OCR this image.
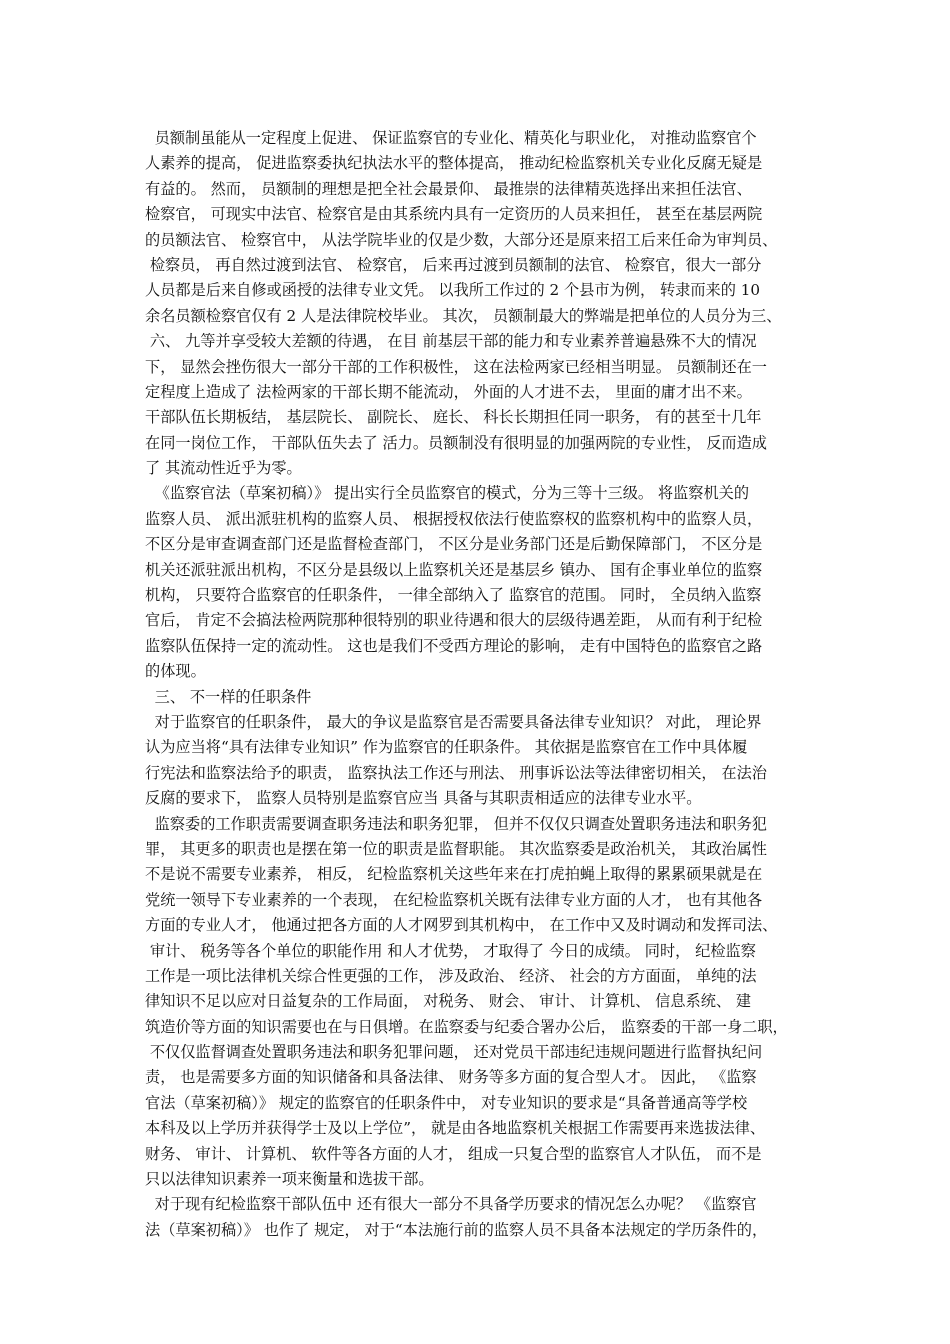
员额制虽能从一定程度上促进、 保证监察官的专业化、精英化与职业化， 对推动监察官个
人素养的提高， 促进监察委执纪执法水平的整体提高， 推动纪检监察机关专业化反腐无疑是
有益的。 然而， 员额制的理想是把全社会最景仰、 最推崇的法律精英选择出来担任法官、
检察官， 可现实中法官、检察官是由其系统内具有一定资历的人员来担任， 甚至在基层两院
的员额法官、 检察官中， 从法学院毕业的仅是少数，大部分还是原来招工后来任命为审判员、
检察员， 再自然过渡到法官、 检察官， 后来再过渡到员额制的法官、 检察官，很大一部分
人员都是后来自修或函授的法律专业文凭。 以我所工作过的 2 个县市为例， 转隶而来的 10
余名员额检察官仅有 2 人是法律院校毕业。 其次， 员额制最大的弊端是把单位的人员分为三、
六、 九等并享受较大差额的待遇， 在目 前基层干部的能力和专业素养普遍悬殊不大的情况
下， 显然会挫伤很大一部分干部的工作积极性， 这在法检两家已经相当明显。 员额制还在一
定程度上造成了 法检两家的干部长期不能流动， 外面的人才进不去， 里面的庸才出不来。
干部队伍长期板结， 基层院长、 副院长、 庭长、 科长长期担任同一职务， 有的甚至十几年
在同一岗位工作， 干部队伍失去了 活力。员额制没有很明显的加强两院的专业性， 反而造成
了 其流动性近乎为零。
《监察官法（草案初稿）》 提出实行全员监察官的模式，分为三等十三级。 将监察机关的
监察人员、 派出派驻机构的监察人员、 根据授权依法行使监察权的监察机构中的监察人员，
不区分是审查调查部门还是监督检查部门， 不区分是业务部门还是后勤保障部门， 不区分是
机关还派驻派出机构，不区分是县级以上监察机关还是基层乡 镇办、 国有企事业单位的监察
机构， 只要符合监察官的任职条件， 一律全部纳入了 监察官的范围。 同时， 全员纳入监察
官后， 肯定不会搞法检两院那种很特别的职业待遇和很大的层级待遇差距， 从而有利于纪检
监察队伍保持一定的流动性。 这也是我们不受西方理论的影响， 走有中国特色的监察官之路
的体现。
三、 不一样的任职条件
对于监察官的任职条件， 最大的争议是监察官是否需要具备法律专业知识？ 对此， 理论界
认为应当将“具有法律专业知识” 作为监察官的任职条件。 其依据是监察官在工作中具体履
行宪法和监察法给予的职责， 监察执法工作还与刑法、 刑事诉讼法等法律密切相关， 在法治
反腐的要求下， 监察人员特别是监察官应当 具备与其职责相适应的法律专业水平。
监察委的工作职责需要调查职务违法和职务犯罪， 但并不仅仅只调查处置职务违法和职务犯
罪， 其更多的职责也是摆在第一位的职责是监督职能。 其次监察委是政治机关， 其政治属性
不是说不需要专业素养， 相反， 纪检监察机关这些年来在打虎拍蝇上取得的累累硕果就是在
党统一领导下专业素养的一个表现， 在纪检监察机关既有法律专业方面的人才， 也有其他各
方面的专业人才， 他通过把各方面的人才网罗到其机构中， 在工作中又及时调动和发挥司法、
审计、 税务等各个单位的职能作用 和人才优势， 才取得了 今日的成绩。 同时， 纪检监察
工作是一项比法律机关综合性更强的工作， 涉及政治、 经济、 社会的方方面面， 单纯的法
律知识不足以应对日益复杂的工作局面， 对税务、 财会、 审计、 计算机、 信息系统、 建
筑造价等方面的知识需要也在与日俱增。在监察委与纪委合署办公后， 监察委的干部一身二职，
不仅仅监督调查处置职务违法和职务犯罪问题， 还对党员干部违纪违规问题进行监督执纪问
责， 也是需要多方面的知识储备和具备法律、 财务等多方面的复合型人才。 因此， 《监察
官法（草案初稿）》 规定的监察官的任职条件中， 对专业知识的要求是“具备普通高等学校
本科及以上学历并获得学士及以上学位”， 就是由各地监察机关根据工作需要再来选拔法律、
财务、 审计、 计算机、 软件等各方面的人才， 组成一只复合型的监察官人才队伍， 而不是
只以法律知识素养一项来衡量和选拔干部。
对于现有纪检监察干部队伍中 还有很大一部分不具备学历要求的情况怎么办呢？ 《监察官
法（草案初稿）》 也作了 规定， 对于“本法施行前的监察人员不具备本法规定的学历条件的，
